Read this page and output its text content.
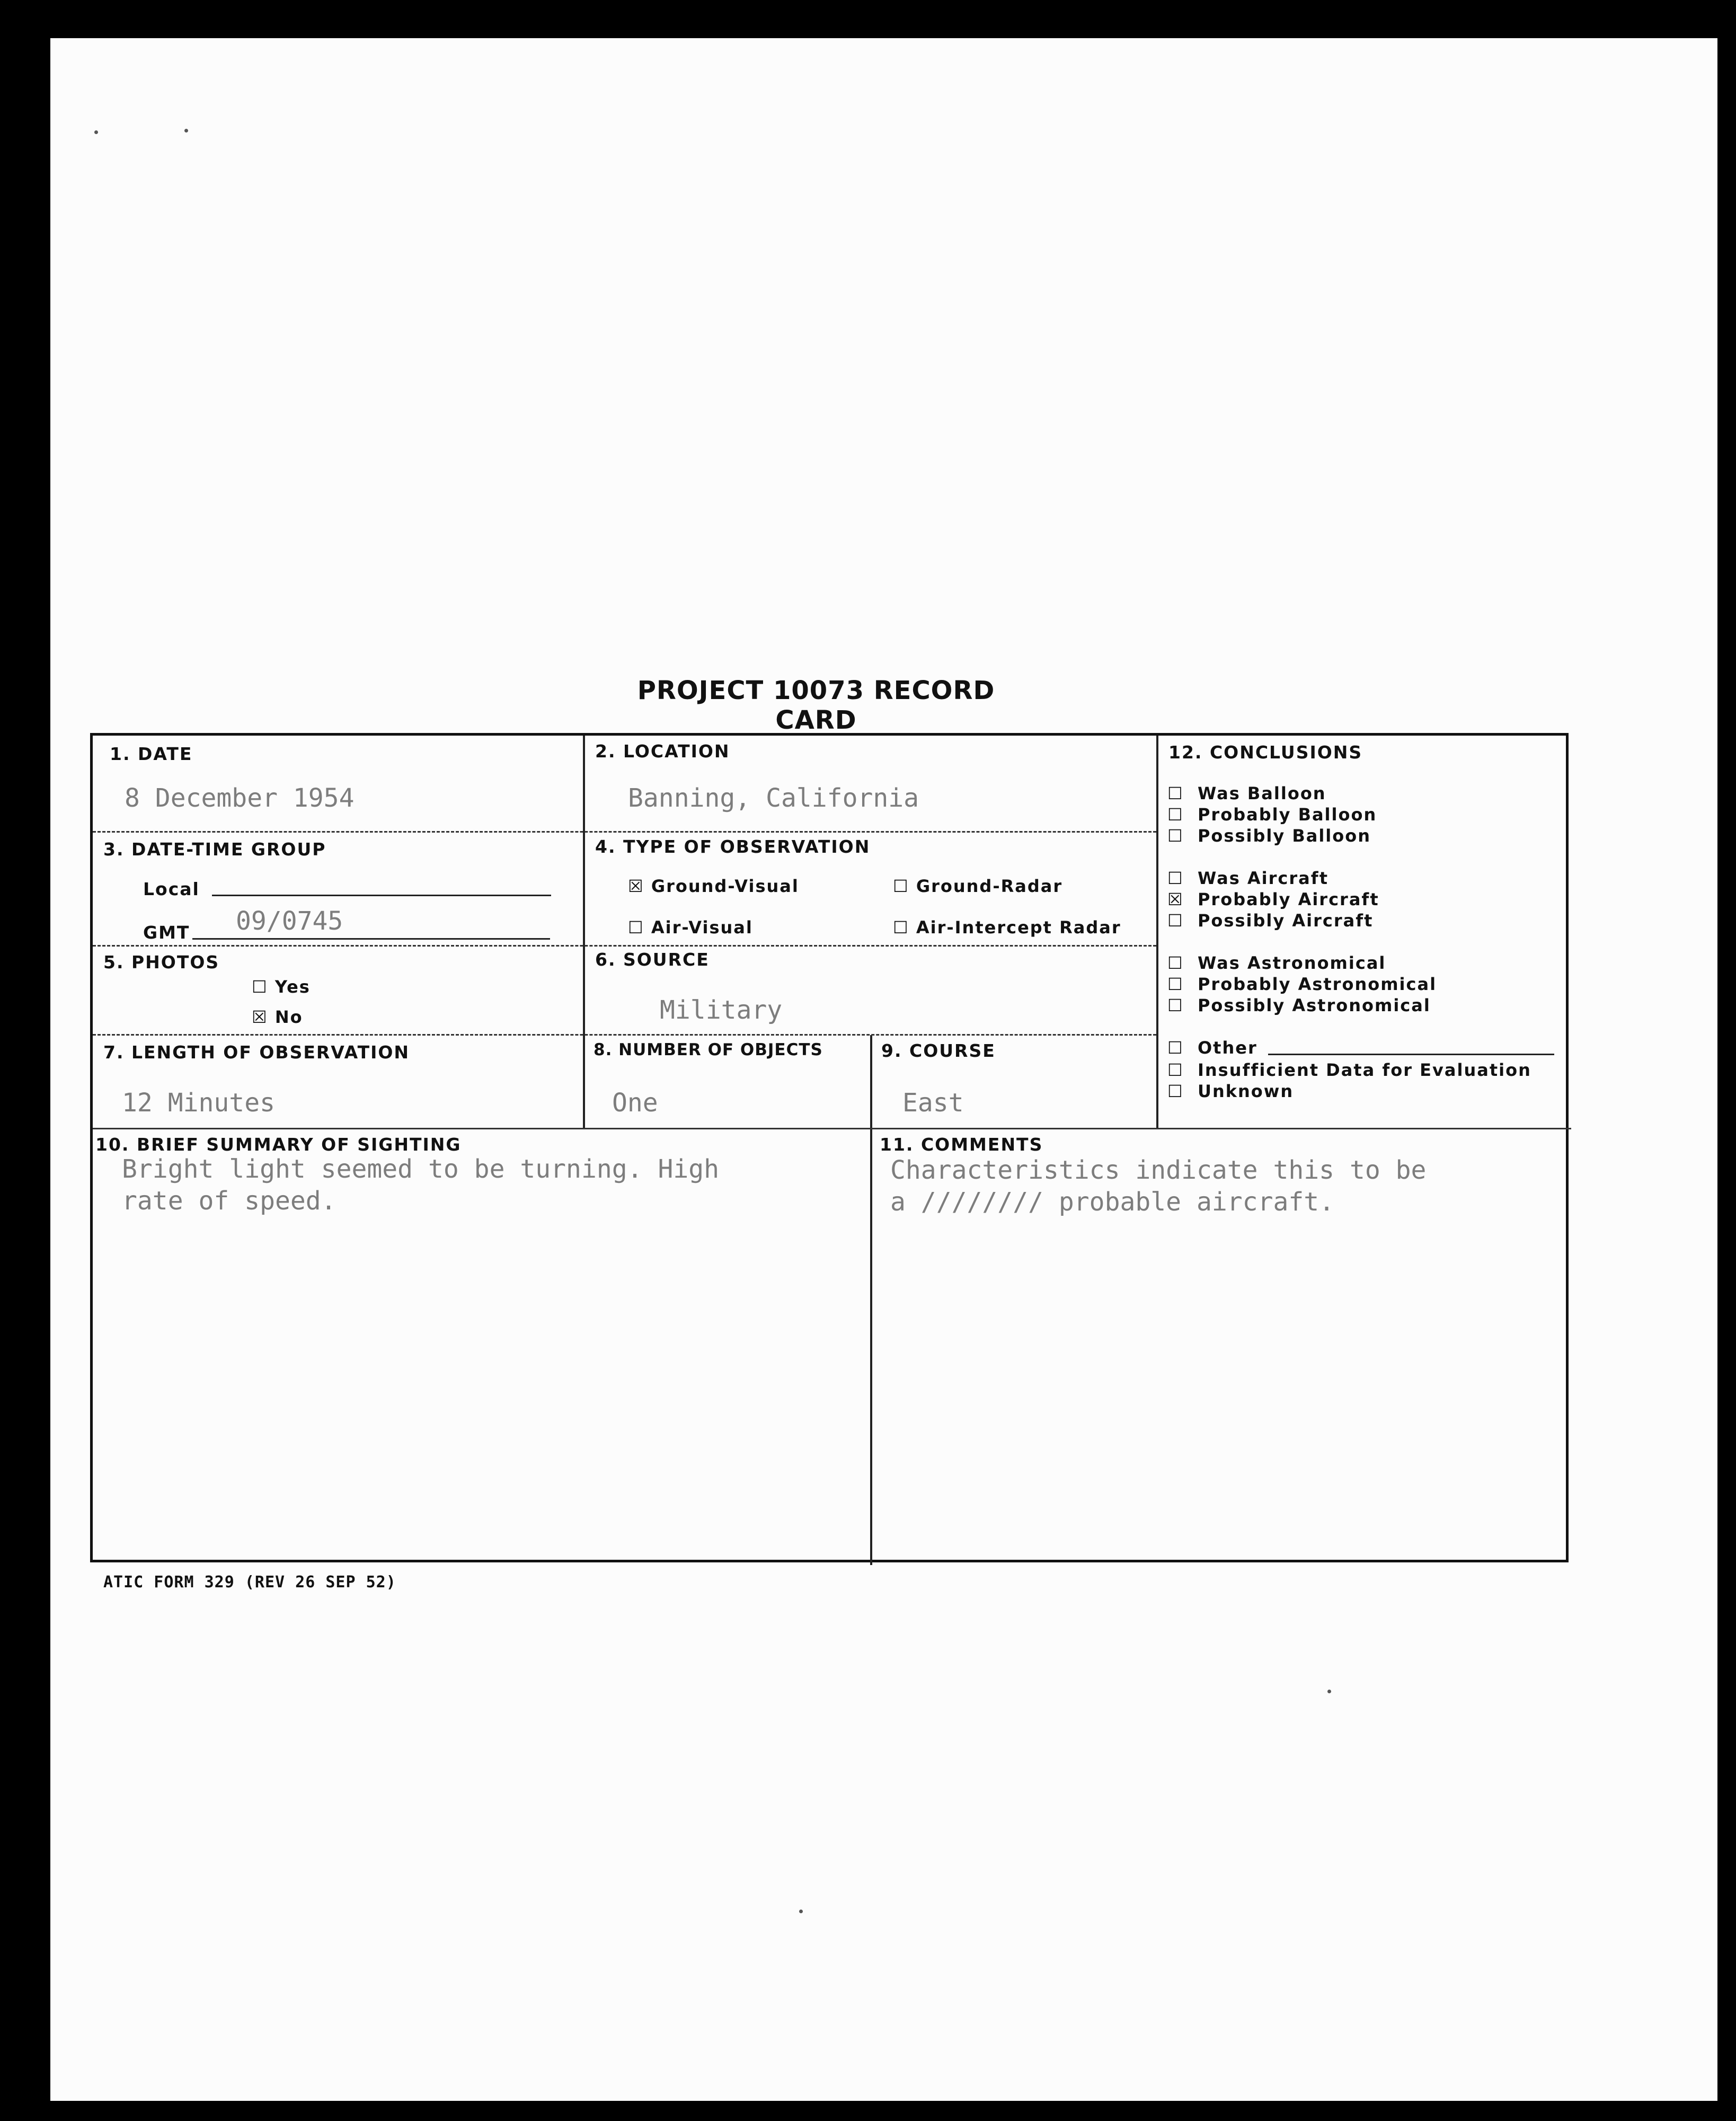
PROJECT 10073 RECORD CARD
1. DATE
8 December 1954
2. LOCATION
Banning, California
3. DATE-TIME GROUP
Local
GMT 09/0745
4. TYPE OF OBSERVATION
☒ Ground-Visual	☐ Ground-Radar
☐ Air-Visual	☐ Air-Intercept Radar
5. PHOTOS
☐ Yes
☒ No
6. SOURCE
Military
7. LENGTH OF OBSERVATION
12 Minutes
8. NUMBER OF OBJECTS
One
9. COURSE
East
12. CONCLUSIONS
☐ Was Balloon
☐ Probably Balloon
☐ Possibly Balloon
☐ Was Aircraft
☒ Probably Aircraft
☐ Possibly Aircraft
☐ Was Astronomical
☐ Probably Astronomical
☐ Possibly Astronomical
☐ Other
☐ Insufficient Data for Evaluation
☐ Unknown
10. BRIEF SUMMARY OF SIGHTING
Bright light seemed to be turning. High
rate of speed.
11. COMMENTS
Characteristics indicate this to be
a //////// probable aircraft.
ATIC FORM 329 (REV 26 SEP 52)
